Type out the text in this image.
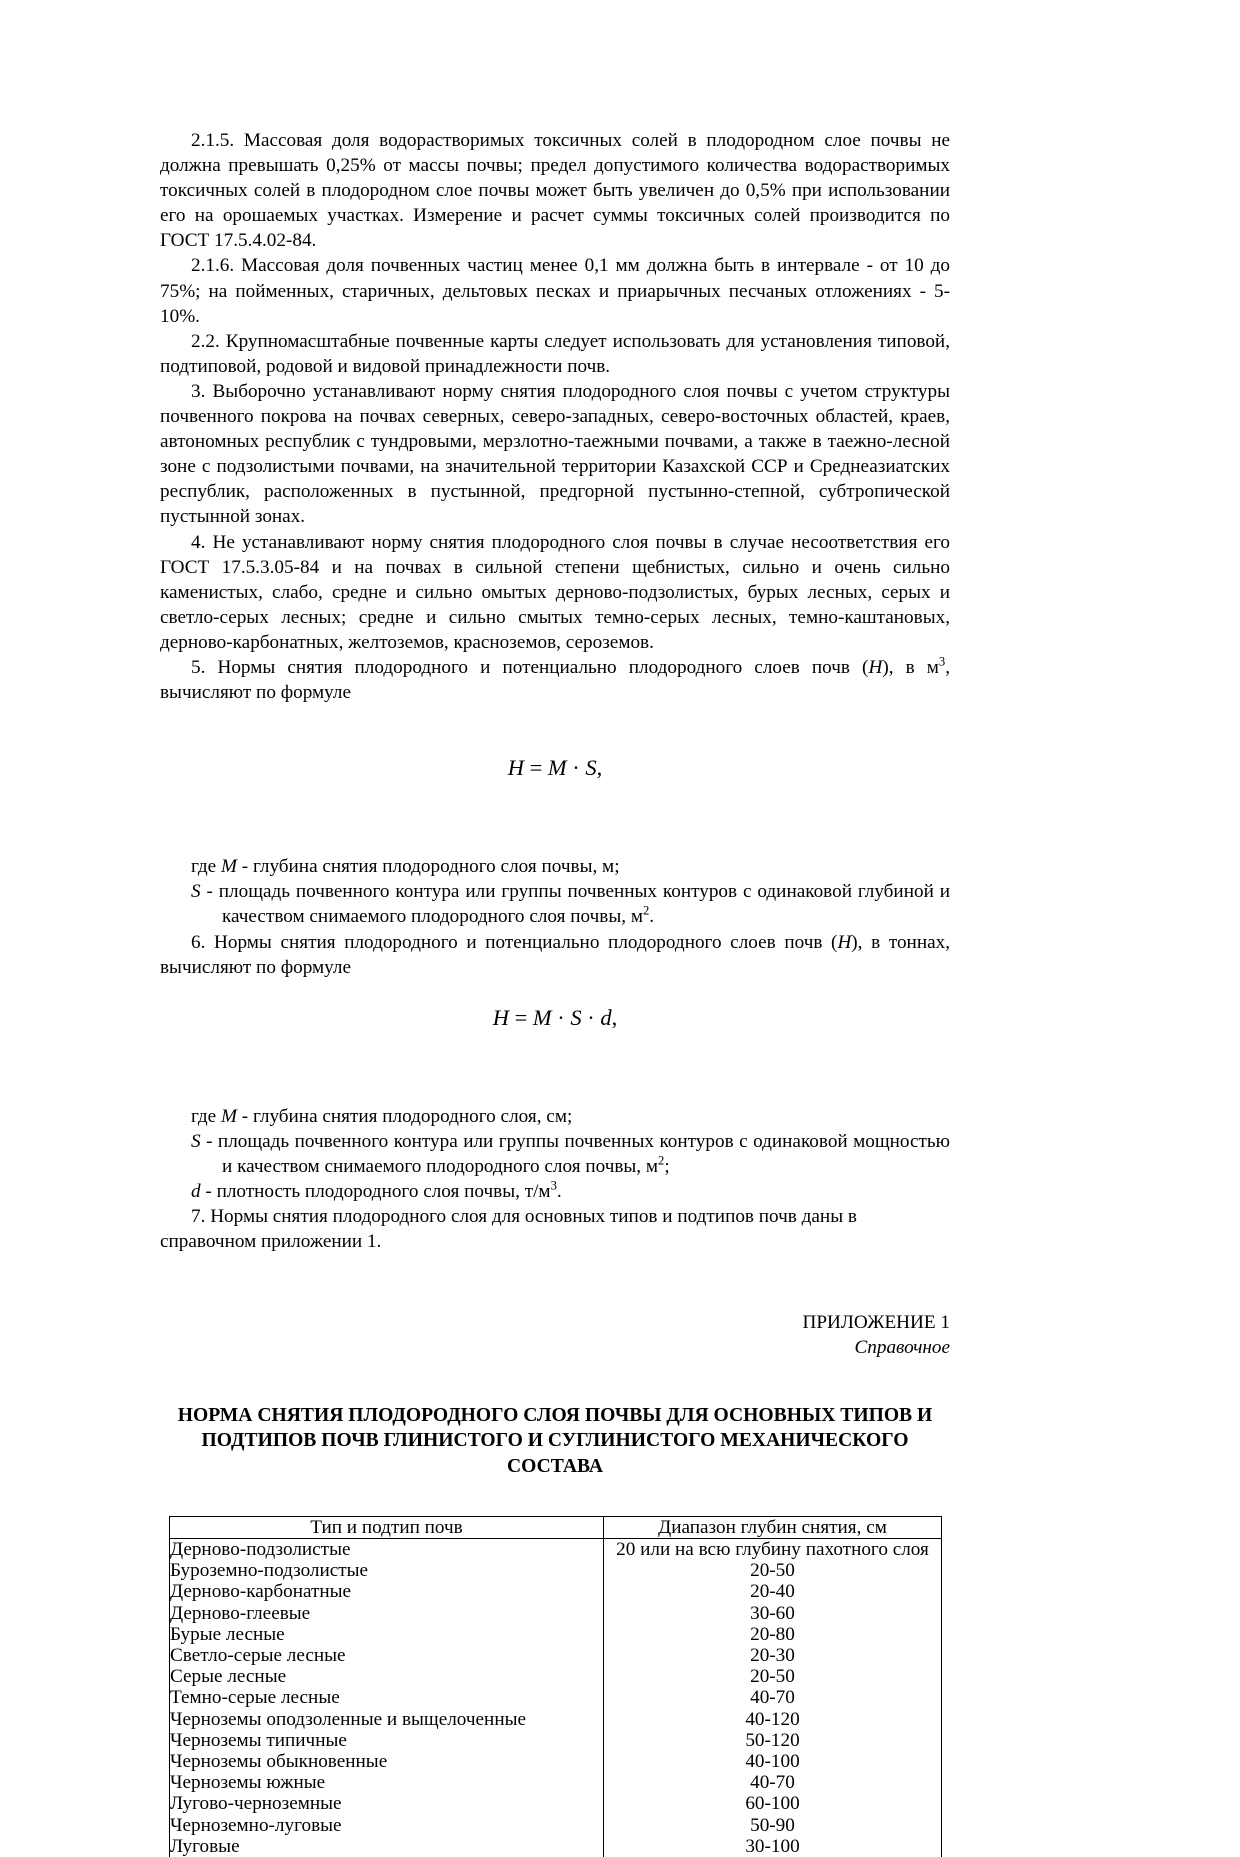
2.1.5. Массовая доля водорастворимых токсичных солей в плодородном слое почвы не должна превышать 0,25% от массы почвы; предел допустимого количества водорастворимых токсичных солей в плодородном слое почвы может быть увеличен до 0,5% при использовании его на орошаемых участках. Измерение и расчет суммы токсичных солей производится по ГОСТ 17.5.4.02-84.

2.1.6. Массовая доля почвенных частиц менее 0,1 мм должна быть в интервале - от 10 до 75%; на пойменных, старичных, дельтовых песках и приарычных песчаных отложениях - 5-10%.

2.2. Крупномасштабные почвенные карты следует использовать для установления типовой, подтиповой, родовой и видовой принадлежности почв.

3. Выборочно устанавливают норму снятия плодородного слоя почвы с учетом структуры почвенного покрова на почвах северных, северо-западных, северо-восточных областей, краев, автономных республик с тундровыми, мерзлотно-таежными почвами, а также в таежно-лесной зоне с подзолистыми почвами, на значительной территории Казахской ССР и Среднеазиатских республик, расположенных в пустынной, предгорной пустынно-степной, субтропической пустынной зонах.

4. Не устанавливают норму снятия плодородного слоя почвы в случае несоответствия его ГОСТ 17.5.3.05-84 и на почвах в сильной степени щебнистых, сильно и очень сильно каменистых, слабо, средне и сильно омытых дерново-подзолистых, бурых лесных, серых и светло-серых лесных; средне и сильно смытых темно-серых лесных, темно-каштановых, дерново-карбонатных, желтоземов, красноземов, сероземов.

5. Нормы снятия плодородного и потенциально плодородного слоев почв (H), в $м^3$, вычисляют по формуле

H = M · S,

где M - глубина снятия плодородного слоя почвы, м;

S - площадь почвенного контура или группы почвенных контуров с одинаковой глубиной и качеством снимаемого плодородного слоя почвы, $м^2$.

6. Нормы снятия плодородного и потенциально плодородного слоев почв (H), в тоннах, вычисляют по формуле

H = M · S · d,

где M - глубина снятия плодородного слоя, см;

S - площадь почвенного контура или группы почвенных контуров с одинаковой мощностью и качеством снимаемого плодородного слоя почвы, $м^2$;

d - плотность плодородного слоя почвы, $т/м^3$.

7. Нормы снятия плодородного слоя для основных типов и подтипов почв даны в справочном приложении 1.

ПРИЛОЖЕНИЕ 1
Справочное

НОРМА СНЯТИЯ ПЛОДОРОДНОГО СЛОЯ ПОЧВЫ ДЛЯ ОСНОВНЫХ ТИПОВ И ПОДТИПОВ ПОЧВ ГЛИНИСТОГО И СУГЛИНИСТОГО МЕХАНИЧЕСКОГО СОСТАВА

Тип и подтип почв	Диапазон глубин снятия, см
Дерново-подзолистые	20 или на всю глубину пахотного слоя
Буроземно-подзолистые	20-50
Дерново-карбонатные	20-40
Дерново-глеевые	30-60
Бурые лесные	20-80
Светло-серые лесные	20-30
Серые лесные	20-50
Темно-серые лесные	40-70
Черноземы оподзоленные и выщелоченные	40-120
Черноземы типичные	50-120
Черноземы обыкновенные	40-100
Черноземы южные	40-70
Лугово-черноземные	60-100
Черноземно-луговые	50-90
Луговые	30-100
